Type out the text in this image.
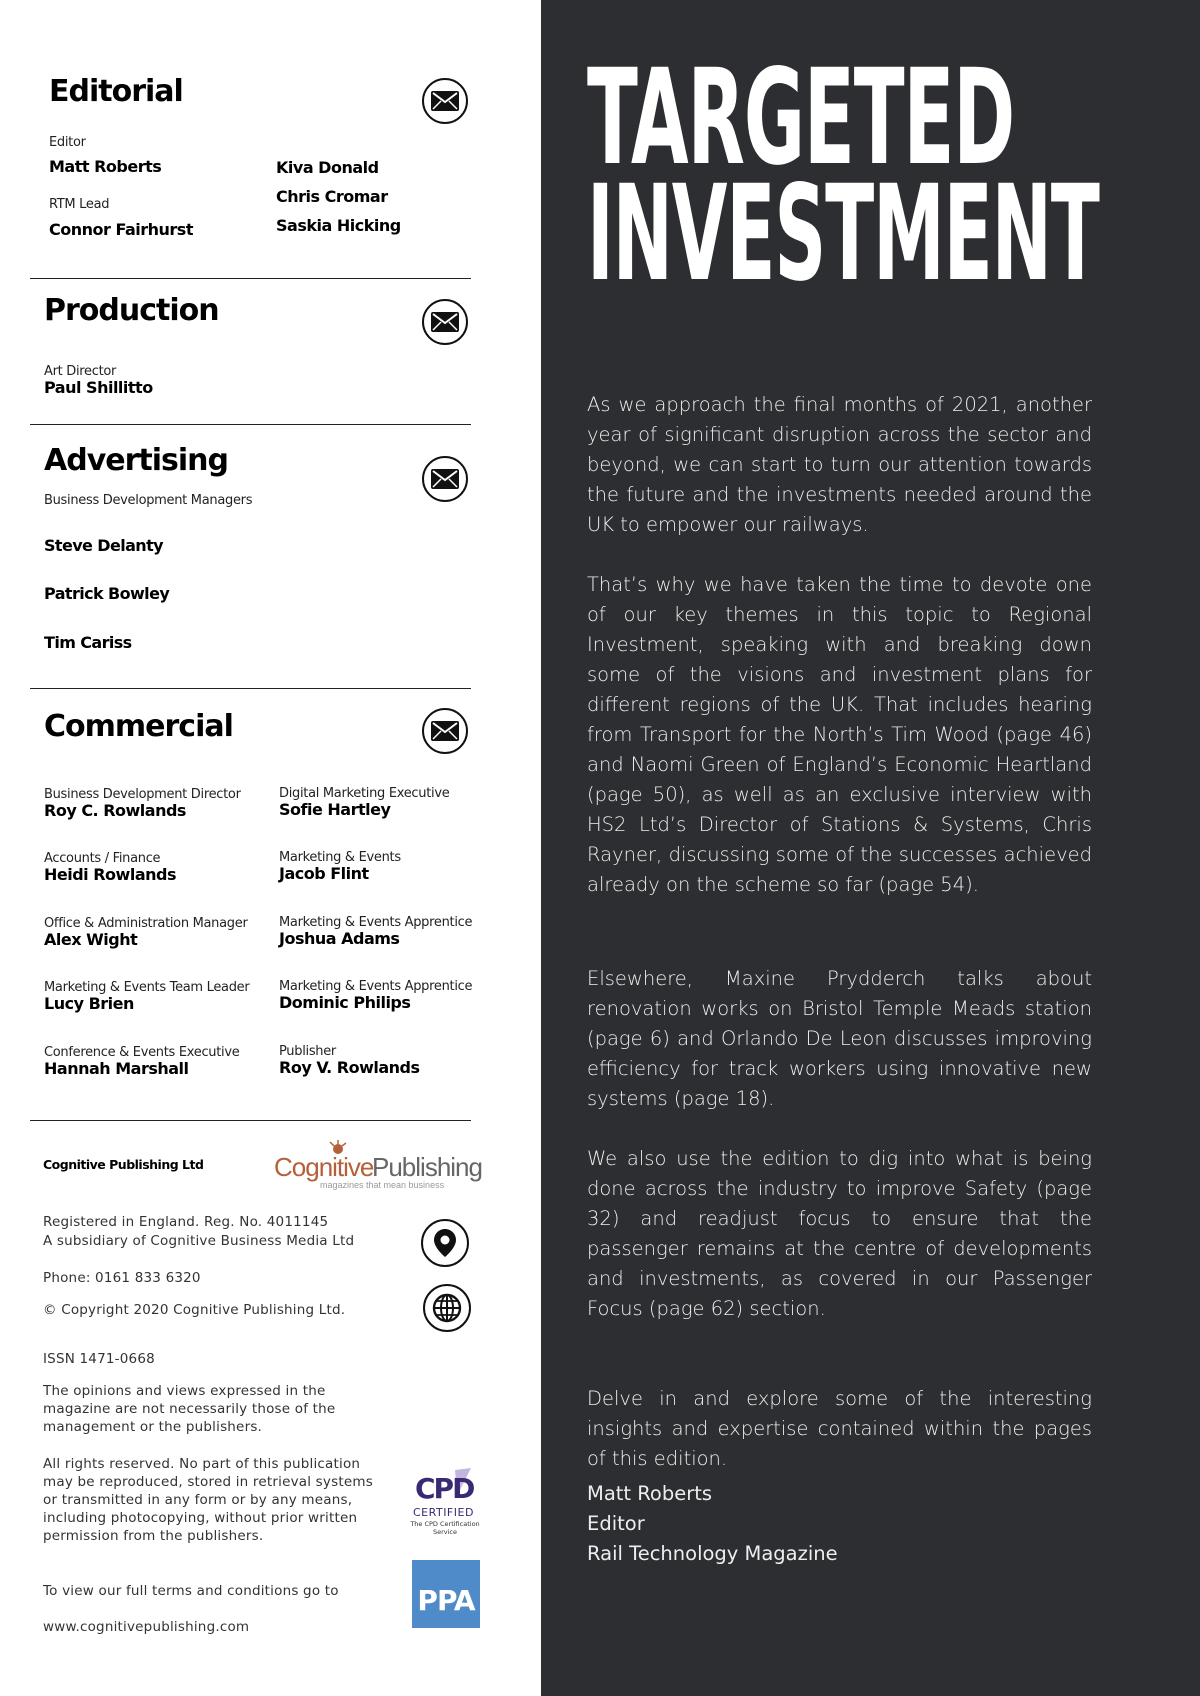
Editorial
Editor
Matt Roberts
RTM Lead
Connor Fairhurst
Kiva Donald
Chris Cromar
Saskia Hicking
Production
Art Director
Paul Shillitto
Advertising
Business Development Managers
Steve Delanty
Patrick Bowley
Tim Cariss
Commercial
Business Development Director
Roy C. Rowlands
Accounts / Finance
Heidi Rowlands
Office & Administration Manager
Alex Wight
Marketing & Events Team Leader
Lucy Brien
Conference & Events Executive
Hannah Marshall
Digital Marketing Executive
Sofie Hartley
Marketing & Events
Jacob Flint
Marketing & Events Apprentice
Joshua Adams
Marketing & Events Apprentice
Dominic Philips
Publisher
Roy V. Rowlands
Cognitive Publishing Ltd	Cognitive
Publishing
magazines that mean business
Registered in England. Reg. No. 4011145
A subsidiary of Cognitive Business Media Ltd
Phone: 0161 833 6320
© Copyright 2020 Cognitive Publishing Ltd.
ISSN 1471-0668
The opinions and views expressed in the magazine are not necessarily those of the management or the publishers.
All rights reserved. No part of this publication may be reproduced, stored in retrieval systems or transmitted in any form or by any means, including photocopying, without prior written permission from the publishers.
To view our full terms and conditions go to
www.cognitivepublishing.com
CPD
CERTIFIED
The CPD Certification Service
PPA
TARGETED
INVESTMENT

As we approach the final months of 2021, another year of significant disruption across the sector and beyond, we can start to turn our attention towards the future and the investments needed around the UK to empower our railways.

That’s why we have taken the time to devote one of our key themes in this topic to Regional Investment, speaking with and breaking down some of the visions and investment plans for different regions of the UK. That includes hearing from Transport for the North’s Tim Wood (page 46) and Naomi Green of England’s Economic Heartland (page 50), as well as an exclusive interview with HS2 Ltd’s Director of Stations & Systems, Chris Rayner, discussing some of the successes achieved already on the scheme so far (page 54).

Elsewhere, Maxine Prydderch talks about renovation works on Bristol Temple Meads station (page 6) and Orlando De Leon discusses improving efficiency for track workers using innovative new systems (page 18).

We also use the edition to dig into what is being done across the industry to improve Safety (page 32) and readjust focus to ensure that the passenger remains at the centre of developments and investments, as covered in our Passenger Focus (page 62) section.

Delve in and explore some of the interesting insights and expertise contained within the pages of this edition.

Matt Roberts
Editor
Rail Technology Magazine
